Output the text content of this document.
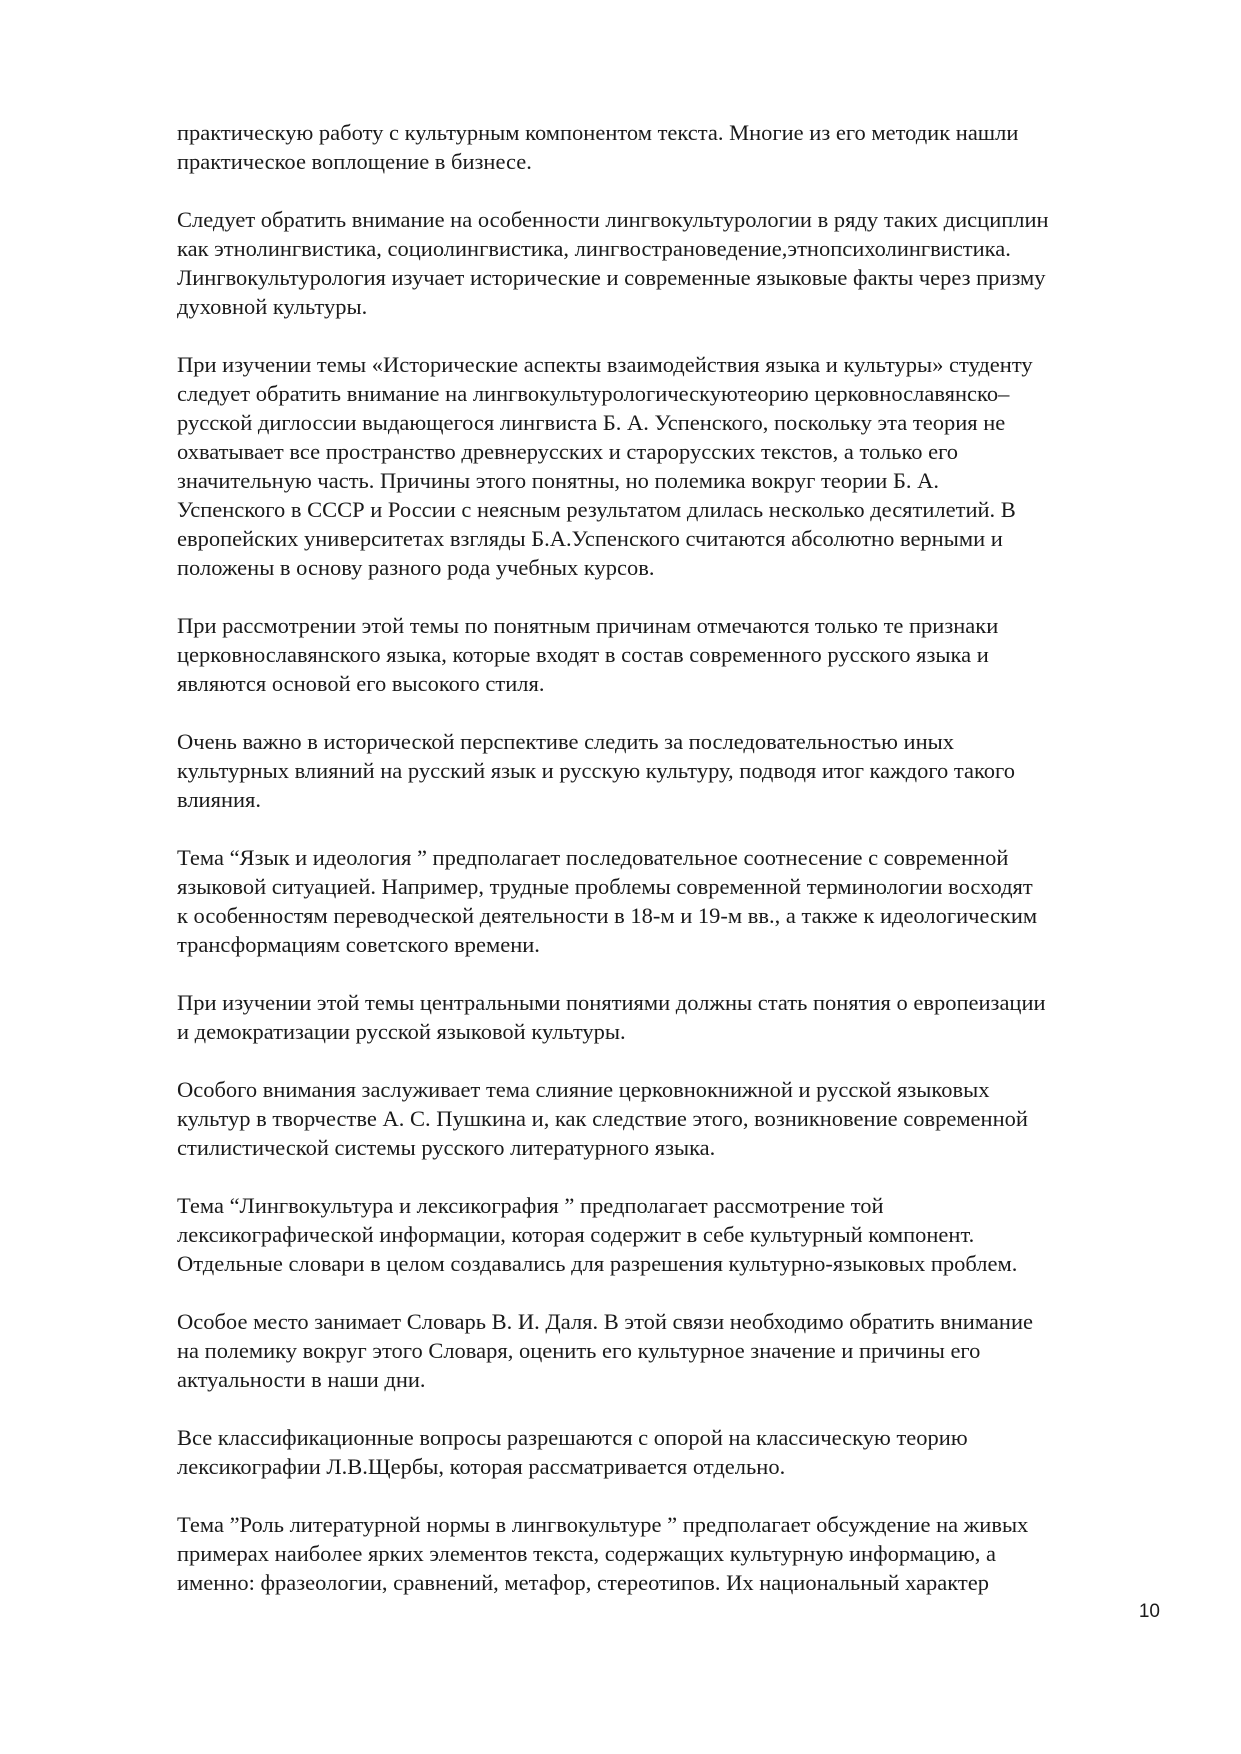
практическую работу с культурным компонентом текста. Многие из его методик нашли
практическое воплощение в бизнесе.

Следует обратить внимание на особенности лингвокультурологии в ряду таких дисциплин
как этнолингвистика, социолингвистика, лингвострановедение,этнопсихолингвистика.
Лингвокультурология изучает исторические и современные языковые факты через призму
духовной культуры.

При изучении темы «Исторические аспекты взаимодействия языка и культуры» студенту
следует обратить внимание на лингвокультурологическуютеорию церковнославянско–
русской диглоссии выдающегося лингвиста Б. А. Успенского, поскольку эта теория не
охватывает все пространство древнерусских и старорусских текстов, а только его
значительную часть. Причины этого понятны, но полемика вокруг теории Б. А.
Успенского в СССР и России с неясным результатом длилась несколько десятилетий. В
европейских университетах взгляды Б.А.Успенского считаются абсолютно верными и
положены в основу разного рода учебных курсов.

При рассмотрении этой темы по понятным причинам отмечаются только те признаки
церковнославянского языка, которые входят в состав современного русского языка и
являются основой его высокого стиля.

Очень важно в исторической перспективе следить за последовательностью иных
культурных влияний на русский язык и русскую культуру, подводя итог каждого такого
влияния.

Тема “Язык и идеология ” предполагает последовательное соотнесение с современной
языковой ситуацией. Например, трудные проблемы современной терминологии восходят
к особенностям переводческой деятельности в 18-м и 19-м вв., а также к идеологическим
трансформациям советского времени.

При изучении этой темы центральными понятиями должны стать понятия о европеизации
и демократизации русской языковой культуры.

Особого внимания заслуживает тема слияние церковнокнижной и русской языковых
культур в творчестве А. С. Пушкина и, как следствие этого, возникновение современной
стилистической системы русского литературного языка.

Тема “Лингвокультура и лексикография ” предполагает рассмотрение той
лексикографической информации, которая содержит в себе культурный компонент.
Отдельные словари в целом создавались для разрешения культурно-языковых проблем.

Особое место занимает Словарь В. И. Даля. В этой связи необходимо обратить внимание
на полемику вокруг этого Словаря, оценить его культурное значение и причины его
актуальности в наши дни.

Все классификационные вопросы разрешаются с опорой на классическую теорию
лексикографии Л.В.Щербы, которая рассматривается отдельно.

Тема ”Роль литературной нормы в лингвокультуре ” предполагает обсуждение на живых
примерах наиболее ярких элементов текста, содержащих культурную информацию, а
именно: фразеологии, сравнений, метафор, стереотипов. Их национальный характер

10
